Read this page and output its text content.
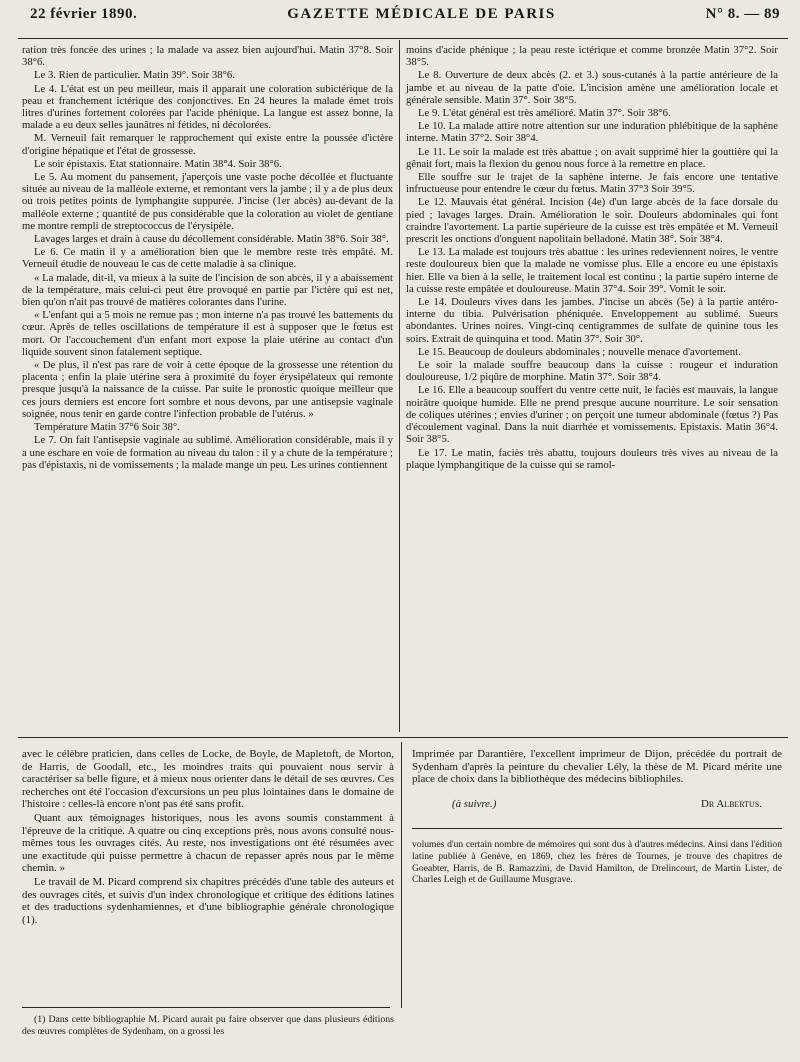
22 février 1890.	GAZETTE MÉDICALE DE PARIS	N° 8. — 89

ration très foncée des urines ; la malade va assez bien aujourd'hui. Matin 37°8. Soir 38°6.

Le 3. Rien de particulier. Matin 39°. Soir 38°6.

Le 4. L'état est un peu meilleur, mais il apparait une coloration subictérique de la peau et franchement ictérique des conjonctives. En 24 heures la malade émet trois litres d'urines fortement colorées par l'acide phénique. La langue est assez bonne, la malade a eu deux selles jaunâtres ni fétides, ni décolorées.

M. Verneuil fait remarquer le rapprochement qui existe entre la poussée d'ictère d'origine hépatique et l'état de grossesse.

Le soir épistaxis. Etat stationnaire. Matin 38°4. Soir 38°6.

Le 5. Au moment du pansement, j'aperçois une vaste poche décollée et fluctuante située au niveau de la malléole externe, et remontant vers la jambe ; il y a de plus deux ou trois petites points de lymphangite suppurée. J'incise (1er abcès) au-devant de la malléole externe ; quantité de pus considérable que la coloration au violet de gentiane me montre rempli de streptococcus de l'érysipèle.

Lavages larges et drain à cause du décollement considérable. Matin 38°6. Soir 38°.

Le 6. Ce matin il y a amélioration bien que le membre reste très empâté. M. Verneuil étudie de nouveau le cas de cette maladie à sa clinique.

« La malade, dit-il, va mieux à la suite de l'incision de son abcès, il y a abaissement de la température, mais celui-ci peut être provoqué en partie par l'ictère qui est net, bien qu'on n'ait pas trouvé de matières colorantes dans l'urine.

« L'enfant qui a 5 mois ne remue pas ; mon interne n'a pas trouvé les battements du cœur. Après de telles oscillations de température il est à supposer que le fœtus est mort. Or l'accouchement d'un enfant mort expose la plaie utérine au contact d'un liquide souvent sinon fatalement septique.

« De plus, il n'est pas rare de voir à cette époque de la grossesse une rétention du placenta ; enfin la plaie utérine sera à proximité du foyer érysipélateux qui remonte presque jusqu'à la naissance de la cuisse. Par suite le pronostic quoique meilleur que ces jours derniers est encore fort sombre et nous devons, par une antisepsie vaginale soignée, nous tenir en garde contre l'infection probable de l'utérus. »

Température Matin 37°6 Soir 38°.

Le 7. On fait l'antisepsie vaginale au sublimé. Amélioration considérable, mais il y a une eschare en voie de formation au niveau du talon : il y a chute de la température ; pas d'épistaxis, ni de vomissements ; la malade mange un peu. Les urines contiennent

moins d'acide phénique ; la peau reste ictérique et comme bronzée Matin 37°2. Soir 38°5.

Le 8. Ouverture de deux abcès (2. et 3.) sous-cutanés à la partie antérieure de la jambe et au niveau de la patte d'oie. L'incision amène une amélioration locale et générale sensible. Matin 37°. Soir 38°5.

Le 9. L'état général est très amélioré. Matin 37°. Soir 38°6.

Le 10. La malade attire notre attention sur une induration phlébitique de la saphène interne. Matin 37°2. Soir 38°4.

Le 11. Le soir la malade est très abattue ; on avait supprimé hier la gouttière qui la gênait fort, mais la flexion du genou nous force à la remettre en place.

Elle souffre sur le trajet de la saphène interne. Je fais encore une tentative infructueuse pour entendre le cœur du fœtus. Matin 37°3 Soir 39°5.

Le 12. Mauvais état général. Incision (4e) d'un large abcès de la face dorsale du pied ; lavages larges. Drain. Amélioration le soir. Douleurs abdominales qui font craindre l'avortement. La partie supérieure de la cuisse est très empâtée et M. Verneuil prescrit les onctions d'onguent napolitain belladoné. Matin 38°. Soir 38°4.

Le 13. La malade est toujours très abattue : les urines redeviennent noires, le ventre reste douloureux bien que la malade ne vomisse plus. Elle a encore eu une épistaxis hier. Elle va bien à la selle, le traitement local est continu ; la partie supéro interne de la cuisse reste empâtée et douloureuse. Matin 37°4. Soir 39°. Vomit le soir.

Le 14. Douleurs vives dans les jambes. J'incise un abcès (5e) à la partie antéro-interne du tibia. Pulvérisation phéniquée. Enveloppement au sublimé. Sueurs abondantes. Urines noires. Vingt-cinq centigrammes de sulfate de quinine tous les soirs. Extrait de quinquina et tood. Matin 37°. Soir 30°.

Le 15. Beaucoup de douleurs abdominales ; nouvelle menace d'avortement.

Le soir la malade souffre beaucoup dans la cuisse : rougeur et induration douloureuse, 1/2 piqûre de morphine. Matin 37°. Soir 38°4.

Le 16. Elle a beaucoup souffert du ventre cette nuit, le faciès est mauvais, la langue noirâtre quoique humide. Elle ne prend presque aucune nourriture. Le soir sensation de coliques utérines ; envies d'uriner ; on perçoit une tumeur abdominale (fœtus ?) Pas d'écoulement vaginal. Dans la nuit diarrhée et vomissements. Epistaxis. Matin 36°4. Soir 38°5.

Le 17. Le matin, faciès très abattu, toujours douleurs très vives au niveau de la plaque lymphangitique de la cuisse qui se ramol-

avec le célèbre praticien, dans celles de Locke, de Boyle, de Mapletoft, de Morton, de Harris, de Goodall, etc., les moindres traits qui pouvaient nous servir à caractériser sa belle figure, et à mieux nous orienter dans le détail de ses œuvres. Ces recherches ont été l'occasion d'excursions un peu plus lointaines dans le domaine de l'histoire : celles-là encore n'ont pas été sans profit.

Quant aux témoignages historiques, nous les avons soumis constamment à l'épreuve de la critique. A quatre ou cinq exceptions près, nous avons consulté nous-mêmes tous les ouvrages cités. Au reste, nos investigations ont été résumées avec une exactitude qui puisse permettre à chacun de repasser après nous par le même chemin. »

Le travail de M. Picard comprend six chapitres précédés d'une table des auteurs et des ouvrages cités, et suivis d'un index chronologique et critique des éditions latines et des traductions sydenhamiennes, et d'une bibliographie générale chronologique (1).

Imprimée par Darantière, l'excellent imprimeur de Dijon, précédée du portrait de Sydenham d'après la peinture du chevalier Lély, la thèse de M. Picard mérite une place de choix dans la bibliothèque des médecins bibliophiles.

(à suivre.)	Dr Albertus.

volumes d'un certain nombre de mémoires qui sont dus à d'autres médecins. Ainsi dans l'édition latine publiée à Genève, en 1869, chez les frères de Tournes, je trouve des chapitres de Goeabter, Harris, de B. Ramazzini, de David Hamilton, de Drelincourt, de Martin Lister, de Charles Leigh et de Guillaume Musgrave.

(1) Dans cette bibliographie M. Picard aurait pu faire observer que dans plusieurs éditions des œuvres complètes de Sydenham, on a grossi les
